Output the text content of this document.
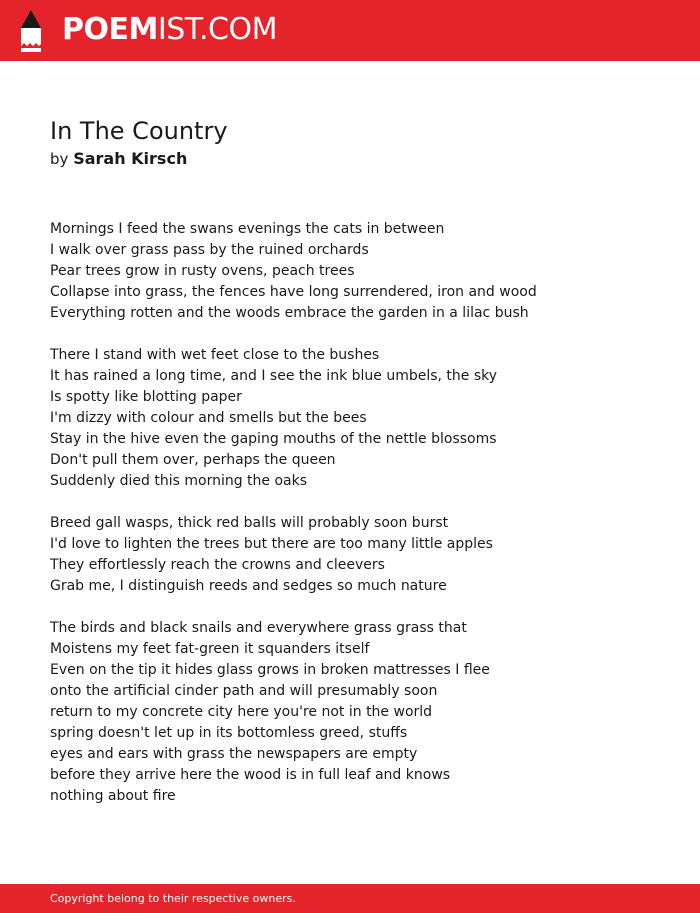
POEMIST.COM
In The Country
by Sarah Kirsch
Mornings I feed the swans evenings the cats in between
I walk over grass pass by the ruined orchards
Pear trees grow in rusty ovens, peach trees
Collapse into grass, the fences have long surrendered, iron and wood
Everything rotten and the woods embrace the garden in a lilac bush
There I stand with wet feet close to the bushes
It has rained a long time, and I see the ink blue umbels, the sky
Is spotty like blotting paper
I'm dizzy with colour and smells but the bees
Stay in the hive even the gaping mouths of the nettle blossoms
Don't pull them over, perhaps the queen
Suddenly died this morning the oaks
Breed gall wasps, thick red balls will probably soon burst
I'd love to lighten the trees but there are too many little apples
They effortlessly reach the crowns and cleevers
Grab me, I distinguish reeds and sedges so much nature
The birds and black snails and everywhere grass grass that
Moistens my feet fat-green it squanders itself
Even on the tip it hides glass grows in broken mattresses I flee
onto the artificial cinder path and will presumably soon
return to my concrete city here you're not in the world
spring doesn't let up in its bottomless greed, stuffs
eyes and ears with grass the newspapers are empty
before they arrive here the wood is in full leaf and knows
nothing about fire
Copyright belong to their respective owners.
